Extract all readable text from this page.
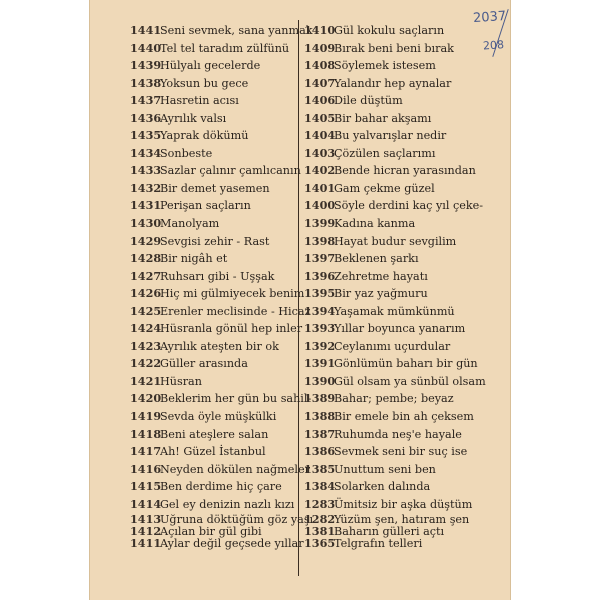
2037
208
1441Seni sevmek, sana yanmak
1440Tel tel taradım zülfünü
1439Hülyalı gecelerde
1438Yoksun bu gece
1437Hasretin acısı
1436Ayrılık valsı
1435Yaprak dökümü
1434Sonbeste
1433Sazlar çalınır çamlıcanın
1432Bir demet yasemen
1431Perişan saçların
1430Manolyam
1429Sevgisi zehir - Rast
1428Bir nigâh et
1427Ruhsarı gibi - Uşşak
1426Hiç mi gülmiyecek benim
1425Erenler meclisinde - Hicaz
1424Hüsranla gönül hep inler
1423Ayrılık ateşten bir ok
1422Güller arasında
1421Hüsran
1420Beklerim her gün bu sahil-
1419Sevda öyle müşkülki
1418Beni ateşlere salan
1417Ah! Güzel İstanbul
1416Neyden dökülen nağmeler
1415Ben derdime hiç çare
1414Gel ey denizin nazlı kızı
1413Uğruna döktüğüm göz yaşı
1412Açılan bir gül gibi
1411Aylar değil geçsede yıllar
1410Gül kokulu saçların
1409Bırak beni beni bırak
1408Söylemek istesem
1407Yalandır hep aynalar
1406Dile düştüm
1405Bir bahar akşamı
1404Bu yalvarışlar nedir
1403Çözülen saçlarımı
1402Bende hicran yarasından
1401Gam çekme güzel
1400Söyle derdini kaç yıl çeke-
1399Kadına kanma
1398Hayat budur sevgilim
1397Beklenen şarkı
1396Zehretme hayatı
1395Bir yaz yağmuru
1394Yaşamak mümkünmü
1393Yıllar boyunca yanarım
1392Ceylanımı uçurdular
1391Gönlümün baharı bir gün
1390Gül olsam ya sünbül olsam
1389Bahar; pembe; beyaz
1388Bir emele bin ah çeksem
1387Ruhumda neş'e hayale
1386Sevmek seni bir suç ise
1385Unuttum seni ben
1384Solarken dalında
1283Ümitsiz bir aşka düştüm
1282Yüzüm şen, hatıram şen
1381Baharın gülleri açtı
1365Telgrafın telleri
